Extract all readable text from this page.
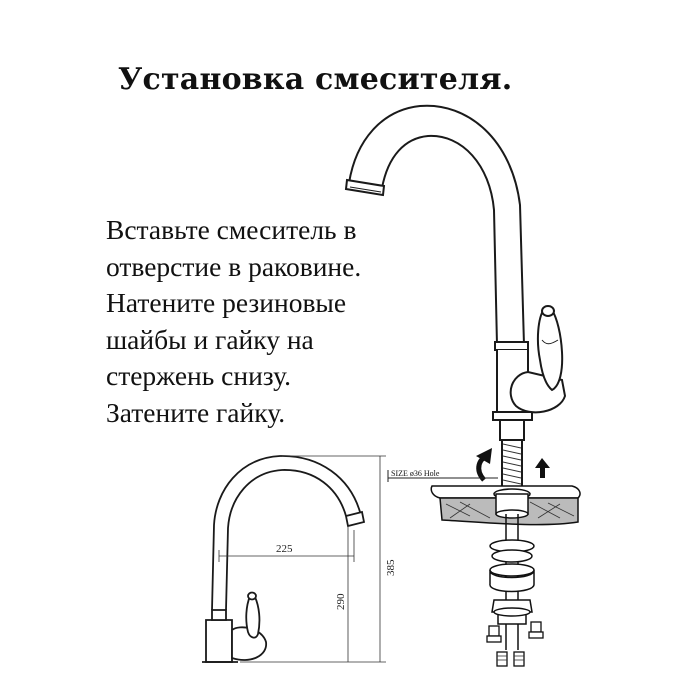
Установка смесителя.
Вставьте смеситель в
отверстие в раковине.
Натените резиновые
шайбы и гайку на
стержень снизу.
Затените гайку.
SIZE ø36 Hole
225
385
290
